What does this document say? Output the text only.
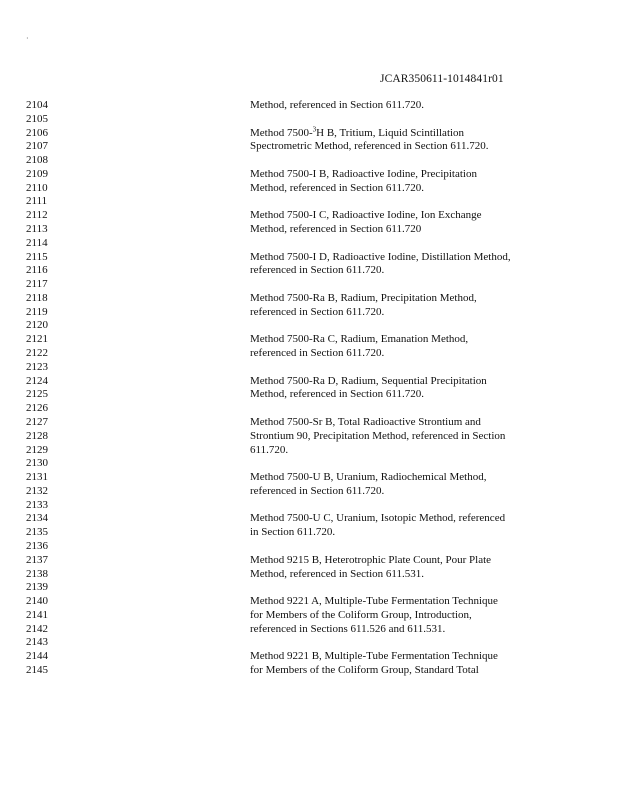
·
JCAR350611-1014841r01
2104	Method, referenced in Section 611.720.
2105
2106	Method 7500-$^3$H B, Tritium, Liquid Scintillation
2107	Spectrometric Method, referenced in Section 611.720.
2108
2109	Method 7500-I B, Radioactive Iodine, Precipitation
2110	Method, referenced in Section 611.720.
2111
2112	Method 7500-I C, Radioactive Iodine, Ion Exchange
2113	Method, referenced in Section 611.720
2114
2115	Method 7500-I D, Radioactive Iodine, Distillation Method,
2116	referenced in Section 611.720.
2117
2118	Method 7500-Ra B, Radium, Precipitation Method,
2119	referenced in Section 611.720.
2120
2121	Method 7500-Ra C, Radium, Emanation Method,
2122	referenced in Section 611.720.
2123
2124	Method 7500-Ra D, Radium, Sequential Precipitation
2125	Method, referenced in Section 611.720.
2126
2127	Method 7500-Sr B, Total Radioactive Strontium and
2128	Strontium 90, Precipitation Method, referenced in Section
2129	611.720.
2130
2131	Method 7500-U B, Uranium, Radiochemical Method,
2132	referenced in Section 611.720.
2133
2134	Method 7500-U C, Uranium, Isotopic Method, referenced
2135	in Section 611.720.
2136
2137	Method 9215 B, Heterotrophic Plate Count, Pour Plate
2138	Method, referenced in Section 611.531.
2139
2140	Method 9221 A, Multiple-Tube Fermentation Technique
2141	for Members of the Coliform Group, Introduction,
2142	referenced in Sections 611.526 and 611.531.
2143
2144	Method 9221 B, Multiple-Tube Fermentation Technique
2145	for Members of the Coliform Group, Standard Total
